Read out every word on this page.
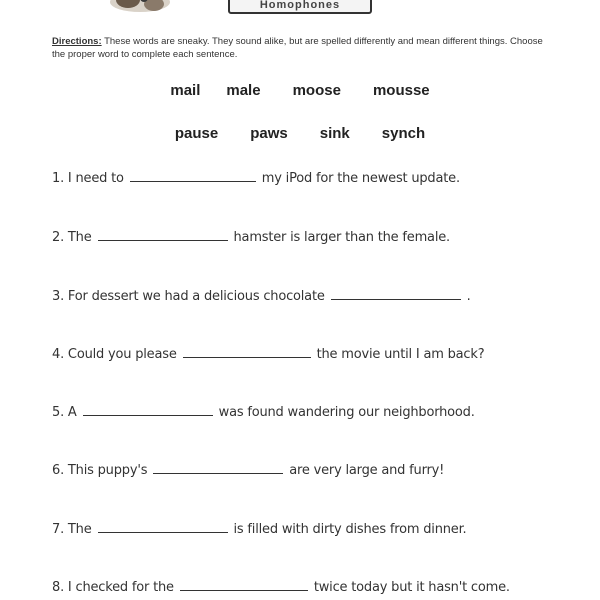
Homophones
Directions: These words are sneaky. They sound alike, but are spelled differently and mean different things. Choose the proper word to complete each sentence.
mail male moose mousse
pause paws sink synch
1. I need to	my iPod for the newest update.
2. The	hamster is larger than the female.
3. For dessert we had a delicious chocolate	.
4. Could you please	the movie until I am back?
5. A	was found wandering our neighborhood.
6. This puppy's	are very large and furry!
7. The	is filled with dirty dishes from dinner.
8. I checked for the	twice today but it hasn't come.
